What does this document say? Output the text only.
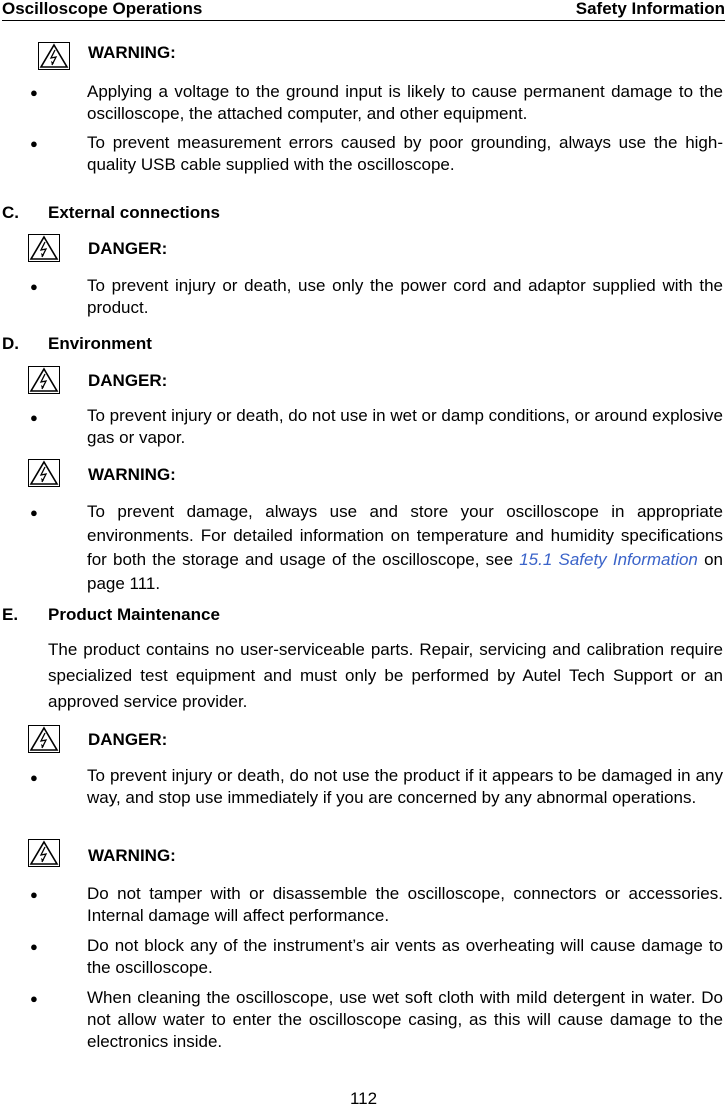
Oscilloscope Operations	Safety Information
WARNING:
●	Applying a voltage to the ground input is likely to cause permanent damage to the oscilloscope, the attached computer, and other equipment.
●	To prevent measurement errors caused by poor grounding, always use the high-quality USB cable supplied with the oscilloscope.
C. External connections
DANGER:
●	To prevent injury or death, use only the power cord and adaptor supplied with the product.
D. Environment
DANGER:
●	To prevent injury or death, do not use in wet or damp conditions, or around explosive gas or vapor.
WARNING:
●	To prevent damage, always use and store your oscilloscope in appropriate environments. For detailed information on temperature and humidity specifications for both the storage and usage of the oscilloscope, see 15.1 Safety Information on page 111.
E. Product Maintenance
The product contains no user-serviceable parts. Repair, servicing and calibration require specialized test equipment and must only be performed by Autel Tech Support or an approved service provider.
DANGER:
●	To prevent injury or death, do not use the product if it appears to be damaged in any way, and stop use immediately if you are concerned by any abnormal operations.
WARNING:
●	Do not tamper with or disassemble the oscilloscope, connectors or accessories. Internal damage will affect performance.
●	Do not block any of the instrument’s air vents as overheating will cause damage to the oscilloscope.
●	When cleaning the oscilloscope, use wet soft cloth with mild detergent in water. Do not allow water to enter the oscilloscope casing, as this will cause damage to the electronics inside.
112
